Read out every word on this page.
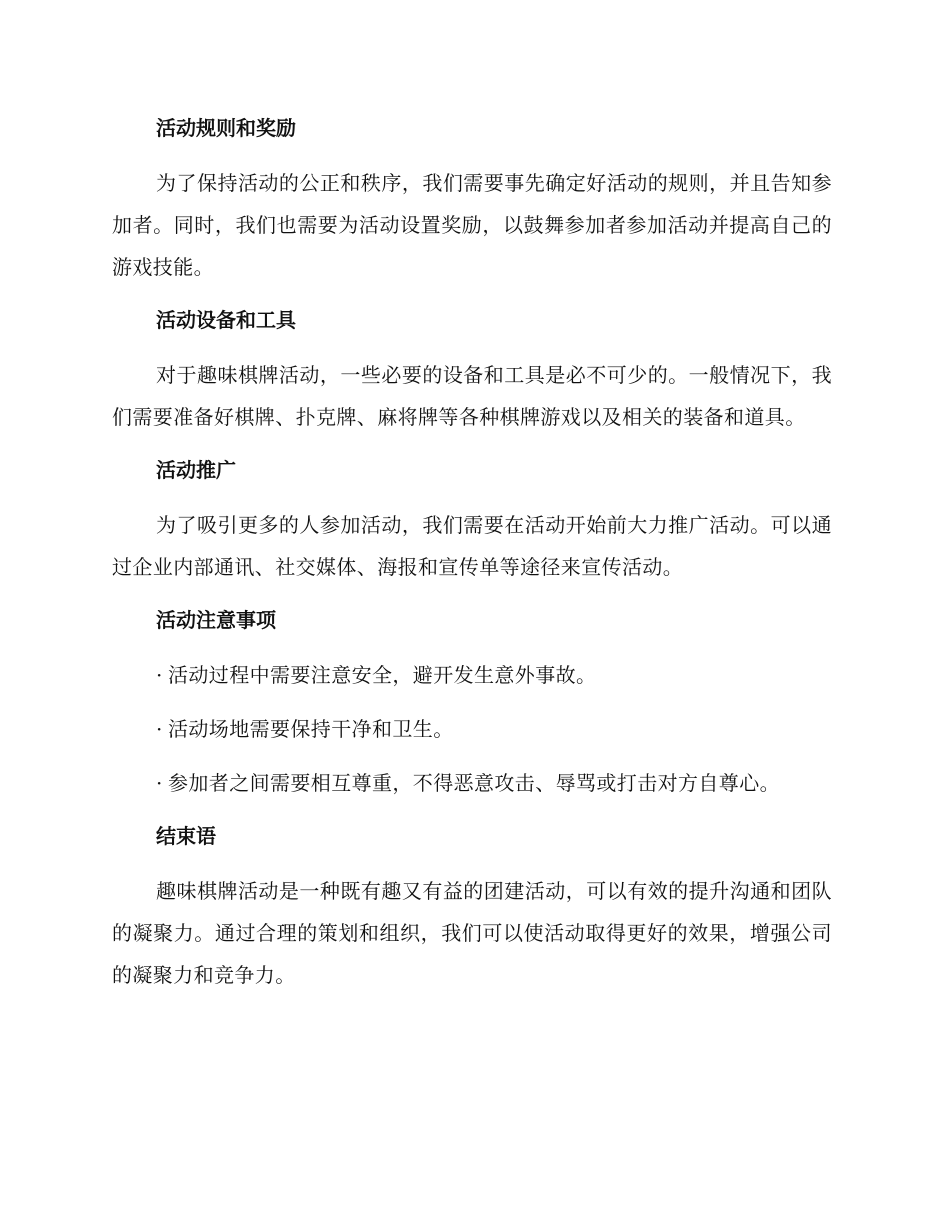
活动规则和奖励

为了保持活动的公正和秩序，我们需要事先确定好活动的规则，并且告知参加者。同时，我们也需要为活动设置奖励，以鼓舞参加者参加活动并提高自己的游戏技能。

活动设备和工具

对于趣味棋牌活动，一些必要的设备和工具是必不可少的。一般情况下，我们需要准备好棋牌、扑克牌、麻将牌等各种棋牌游戏以及相关的装备和道具。

活动推广

为了吸引更多的人参加活动，我们需要在活动开始前大力推广活动。可以通过企业内部通讯、社交媒体、海报和宣传单等途径来宣传活动。

活动注意事项
· 活动过程中需要注意安全，避开发生意外事故。
· 活动场地需要保持干净和卫生。
· 参加者之间需要相互尊重，不得恶意攻击、辱骂或打击对方自尊心。
结束语

趣味棋牌活动是一种既有趣又有益的团建活动，可以有效的提升沟通和团队的凝聚力。通过合理的策划和组织，我们可以使活动取得更好的效果，增强公司的凝聚力和竞争力。
